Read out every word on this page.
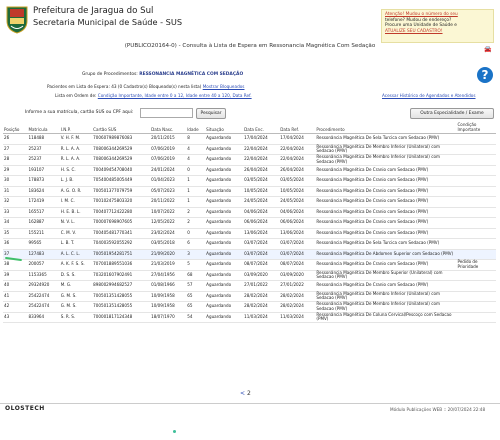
Prefeitura de Jaragua do Sul
Secretaria Municipal de Saúde - SUS
Atenção! Mudou o número do seu
telefone? Mudou de endereço?
Procure uma Unidade de Saúde e
ATUALIZE SEU CADASTRO!
🚘
(PUBLICO20164-0) - Consulta à Lista de Espera em Ressonancia Magnética Com Sedação
Grupo de Procedimentos: RESSONANCIA MAGNÉTICA COM SEDAÇÃO	?
Pacientes em Lista de Espera: 43 (0 Cadastro(s) Bloqueado(s) nesta lista) Mostrar Bloqueados
Lista em Ordem de: Condição Importante, Idade entre 0 a 12, Idade entre 40 a 120, Data Ref.	Acessar Histórico de Agendados e Atendidos
Informe a sua matrícula, cartão SUS ou CPF aqui:	Pesquisar	Outra Especialidade / Exame
Posição	Matrícula	I.N.P.	Cartão SUS	Data Nasc.	Idade	Situação	Data Enc.	Data Ref.	Procedimento	Condição Importante
26	118488	V. H. F. M.	700607989876083	20/11/2015	8	Aguardando	17/04/2024	17/04/2024	Ressonância Magnética De Sela Turcica com Sedacao (PMV)	
27	25237	R. L. A. A.	708006344269529	07/06/2019	4	Aguardando	22/04/2024	22/04/2024	Ressonância Magnética De Membro Inferior (Unilateral) com Sedacao (PMV)	
28	25237	R. L. A. A.	708006344269529	07/06/2019	4	Aguardando	22/04/2024	22/04/2024	Ressonância Magnética De Membro Inferior (Unilateral) com Sedacao (PMV)	
29	193107	H. S. C.	700409454708040	24/01/2024	0	Aguardando	26/04/2024	26/04/2024	Ressonância Magnética De Cranio com Sedacao (PMV)	
30	178873	L. J. B.	705400485005449	01/04/2023	1	Aguardando	03/05/2024	03/05/2024	Ressonância Magnética De Cranio com Sedacao (PMV)	
31	183624	A. G. O. R.	700501377079759	05/07/2023	1	Aguardando	10/05/2024	10/05/2024	Ressonância Magnética De Cranio com Sedacao (PMV)	
32	172419	I. M. C.	700102475803320	20/11/2022	1	Aguardando	24/05/2024	24/05/2024	Ressonância Magnética De Cranio com Sedacao (PMV)	
33	165517	H. E. B. L.	700407712422280	10/07/2022	2	Aguardando	04/06/2024	04/06/2024	Ressonância Magnética De Cranio com Sedacao (PMV)	
34	162887	N. V. L.	700007698907605	12/05/2022	2	Aguardando	06/06/2024	06/06/2024	Ressonância Magnética De Cranio com Sedacao (PMV)	
35	155211	C. M. V.	700405481770341	23/02/2024	0	Aguardando	13/06/2024	13/06/2024	Ressonância Magnética De Cranio com Sedacao (PMV)	
36	99565	L. B. T.	704003592055292	03/05/2018	6	Aguardando	03/07/2024	03/07/2024	Ressonância Magnética De Sela Turcica com Sedacao (PMV)	
37	127483	A. L. C. L.	700501954281751	21/09/2020	3	Aguardando	03/07/2024	03/07/2024	Ressonância Magnética De Abdomen Superior com Sedacao (PMV)	
38	200057	A. K. F. S. S.	707001889551036	21/03/2019	5	Aguardando	08/07/2024	08/07/2024	Ressonância Magnética De Cranio com Sedacao (PMV)	Pedido de Prioridade
39	1153365	D. S. S.	703201607902491	27/04/1956	68	Aguardando	03/09/2020	03/09/2020	Ressonância Magnética De Membro Superior (Unilateral) com Sedacao (PMV)	
40	29324920	M. G.	898002994682527	01/08/1966	57	Aguardando	27/01/2022	27/01/2022	Ressonância Magnética De Cranio com Sedacao (PMV)	
41	25422474	G. M. S.	700501351428055	10/09/1958	65	Aguardando	28/02/2024	28/02/2024	Ressonância Magnética De Membro Inferior (Unilateral) com Sedacao (PMV)	
42	25422474	G. M. S.	700501351428055	10/09/1958	65	Aguardando	28/02/2024	28/02/2024	Ressonância Magnética De Membro Inferior (Unilateral) com Sedacao (PMV)	
43	833964	S. R. S.	700001817124348	18/07/1970	54	Aguardando	11/03/2024	11/03/2024	Ressonância Magnética De Coluna Cervical/Pescoço com Sedacao (PMV)	
< 2
OLOSTECH	Módulo Publicações WEB :: 20/07/2024 22:48
